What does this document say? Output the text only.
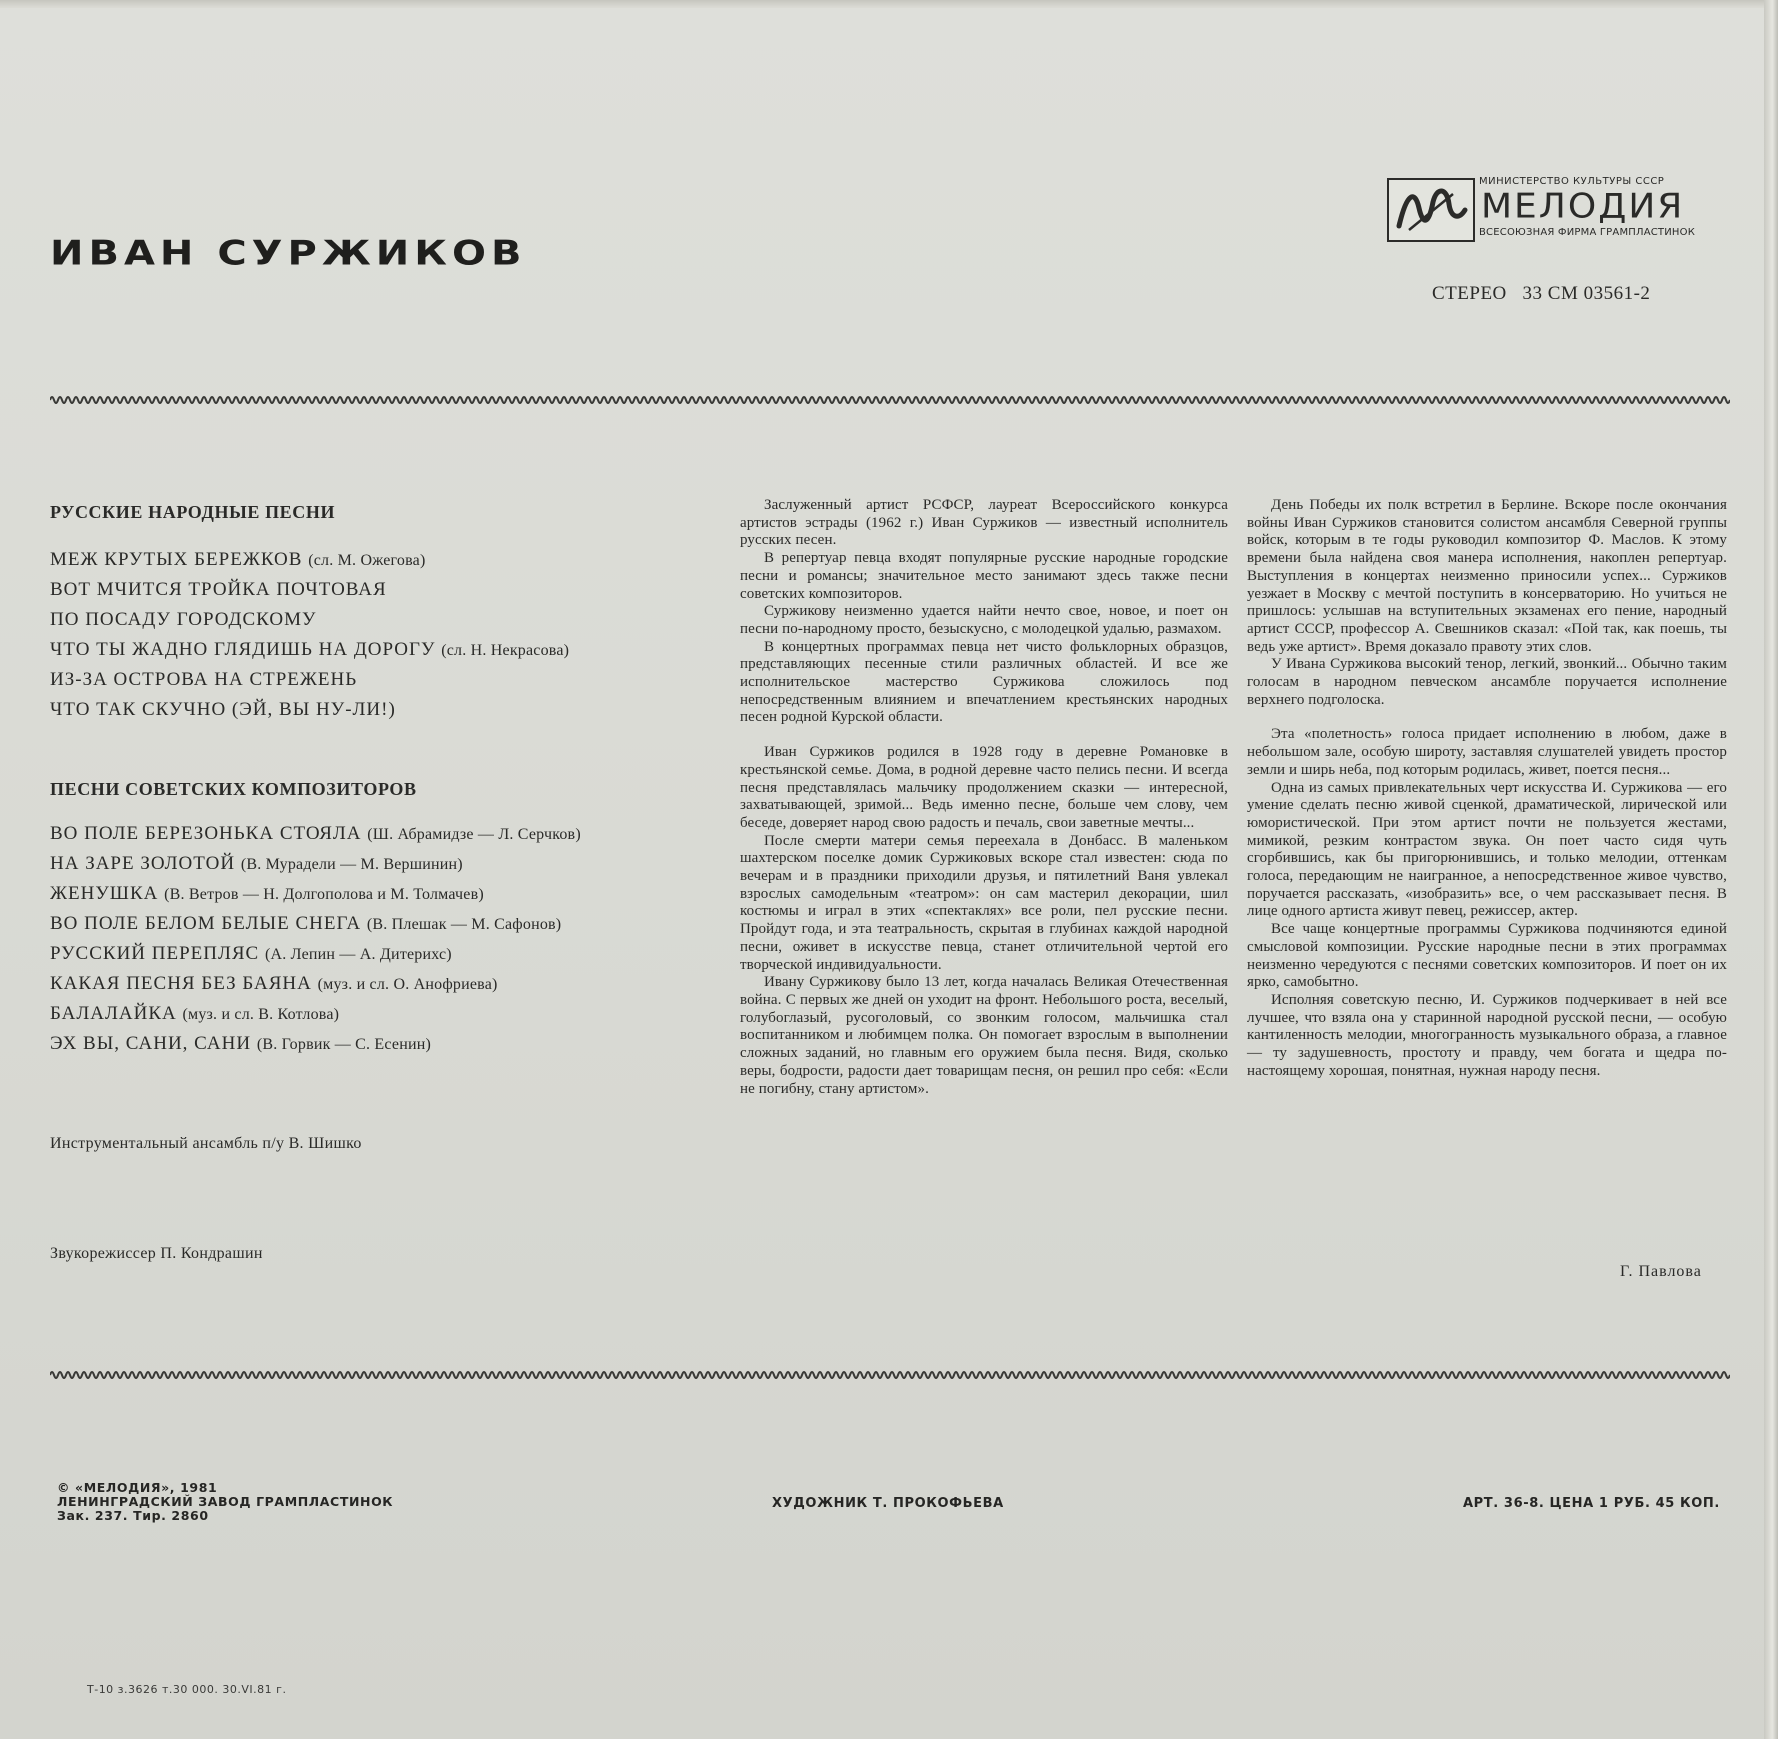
ИВАН СУРЖИКОВ
МИНИСТЕРСТВО КУЛЬТУРЫ СССР
МЕЛОДИЯ
ВСЕСОЮЗНАЯ ФИРМА ГРАМПЛАСТИНОК
СТЕРЕО   33 СМ 03561-2
РУССКИЕ НАРОДНЫЕ ПЕСНИ
МЕЖ КРУТЫХ БЕРЕЖКОВ (сл. М. Ожегова)
ВОТ МЧИТСЯ ТРОЙКА ПОЧТОВАЯ
ПО ПОСАДУ ГОРОДСКОМУ
ЧТО ТЫ ЖАДНО ГЛЯДИШЬ НА ДОРОГУ (сл. Н. Некрасова)
ИЗ-ЗА ОСТРОВА НА СТРЕЖЕНЬ
ЧТО ТАК СКУЧНО (ЭЙ, ВЫ НУ-ЛИ!)
ПЕСНИ СОВЕТСКИХ КОМПОЗИТОРОВ
ВО ПОЛЕ БЕРЕЗОНЬКА СТОЯЛА (Ш. Абрамидзе — Л. Серчков)
НА ЗАРЕ ЗОЛОТОЙ (В. Мурадели — М. Вершинин)
ЖЕНУШКА (В. Ветров — Н. Долгополова и М. Толмачев)
ВО ПОЛЕ БЕЛОМ БЕЛЫЕ СНЕГА (В. Плешак — М. Сафонов)
РУССКИЙ ПЕРЕПЛЯС (А. Лепин — А. Дитерихс)
КАКАЯ ПЕСНЯ БЕЗ БАЯНА (муз. и сл. О. Анофриева)
БАЛАЛАЙКА (муз. и сл. В. Котлова)
ЭХ ВЫ, САНИ, САНИ (В. Горвик — С. Есенин)
Инструментальный ансамбль п/у В. Шишко
Звукорежиссер П. Кондрашин

Заслуженный артист РСФСР, лауреат Всероссийского конкурса артистов эстрады (1962 г.) Иван Суржиков — известный исполнитель русских песен.

В репертуар певца входят популярные русские народные городские песни и романсы; значительное место занимают здесь также песни советских композиторов.

Суржикову неизменно удается найти нечто свое, новое, и поет он песни по-народному просто, безыскусно, с молодецкой удалью, размахом.

В концертных программах певца нет чисто фольклорных образцов, представляющих песенные стили различных областей. И все же исполнительское мастерство Суржикова сложилось под непосредственным влиянием и впечатлением крестьянских народных песен родной Курской области.

Иван Суржиков родился в 1928 году в деревне Романовке в крестьянской семье. Дома, в родной деревне часто пелись песни. И всегда песня представлялась мальчику продолжением сказки — интересной, захватывающей, зримой... Ведь именно песне, больше чем слову, чем беседе, доверяет народ свою радость и печаль, свои заветные мечты...

После смерти матери семья переехала в Донбасс. В маленьком шахтерском поселке домик Суржиковых вскоре стал известен: сюда по вечерам и в праздники приходили друзья, и пятилетний Ваня увлекал взрослых самодельным «театром»: он сам мастерил декорации, шил костюмы и играл в этих «спектаклях» все роли, пел русские песни. Пройдут года, и эта театральность, скрытая в глубинах каждой народной песни, оживет в искусстве певца, станет отличительной чертой его творческой индивидуальности.

Ивану Суржикову было 13 лет, когда началась Великая Отечественная война. С первых же дней он уходит на фронт. Небольшого роста, веселый, голубоглазый, русоголовый, со звонким голосом, мальчишка стал воспитанником и любимцем полка. Он помогает взрослым в выполнении сложных заданий, но главным его оружием была песня. Видя, сколько веры, бодрости, радости дает товарищам песня, он решил про себя: «Если не погибну, стану артистом».

День Победы их полк встретил в Берлине. Вскоре после окончания войны Иван Суржиков становится солистом ансамбля Северной группы войск, которым в те годы руководил композитор Ф. Маслов. К этому времени была найдена своя манера исполнения, накоплен репертуар. Выступления в концертах неизменно приносили успех... Суржиков уезжает в Москву с мечтой поступить в консерваторию. Но учиться не пришлось: услышав на вступительных экзаменах его пение, народный артист СССР, профессор А. Свешников сказал: «Пой так, как поешь, ты ведь уже артист». Время доказало правоту этих слов.

У Ивана Суржикова высокий тенор, легкий, звонкий... Обычно таким голосам в народном певческом ансамбле поручается исполнение верхнего подголоска.

Эта «полетность» голоса придает исполнению в любом, даже в небольшом зале, особую широту, заставляя слушателей увидеть простор земли и ширь неба, под которым родилась, живет, поется песня...

Одна из самых привлекательных черт искусства И. Суржикова — его умение сделать песню живой сценкой, драматической, лирической или юмористической. При этом артист почти не пользуется жестами, мимикой, резким контрастом звука. Он поет часто сидя чуть сгорбившись, как бы пригорюнившись, и только мелодии, оттенкам голоса, передающим не наигранное, а непосредственное живое чувство, поручается рассказать, «изобразить» все, о чем рассказывает песня. В лице одного артиста живут певец, режиссер, актер.

Все чаще концертные программы Суржикова подчиняются единой смысловой композиции. Русские народные песни в этих программах неизменно чередуются с песнями советских композиторов. И поет он их ярко, самобытно.

Исполняя советскую песню, И. Суржиков подчеркивает в ней все лучшее, что взяла она у старинной народной русской песни, — особую кантиленность мелодии, многогранность музыкального образа, а главное — ту задушевность, простоту и правду, чем богата и щедра по-настоящему хорошая, понятная, нужная народу песня.

Г. Павлова
© «МЕЛОДИЯ», 1981
ЛЕНИНГРАДСКИЙ ЗАВОД ГРАМПЛАСТИНОК
Зак. 237. Тир. 2860
ХУДОЖНИК Т. ПРОКОФЬЕВА	АРТ. 36-8. ЦЕНА 1 РУБ. 45 КОП.
Т-10 з.3626 т.30 000. 30.VI.81 г.
